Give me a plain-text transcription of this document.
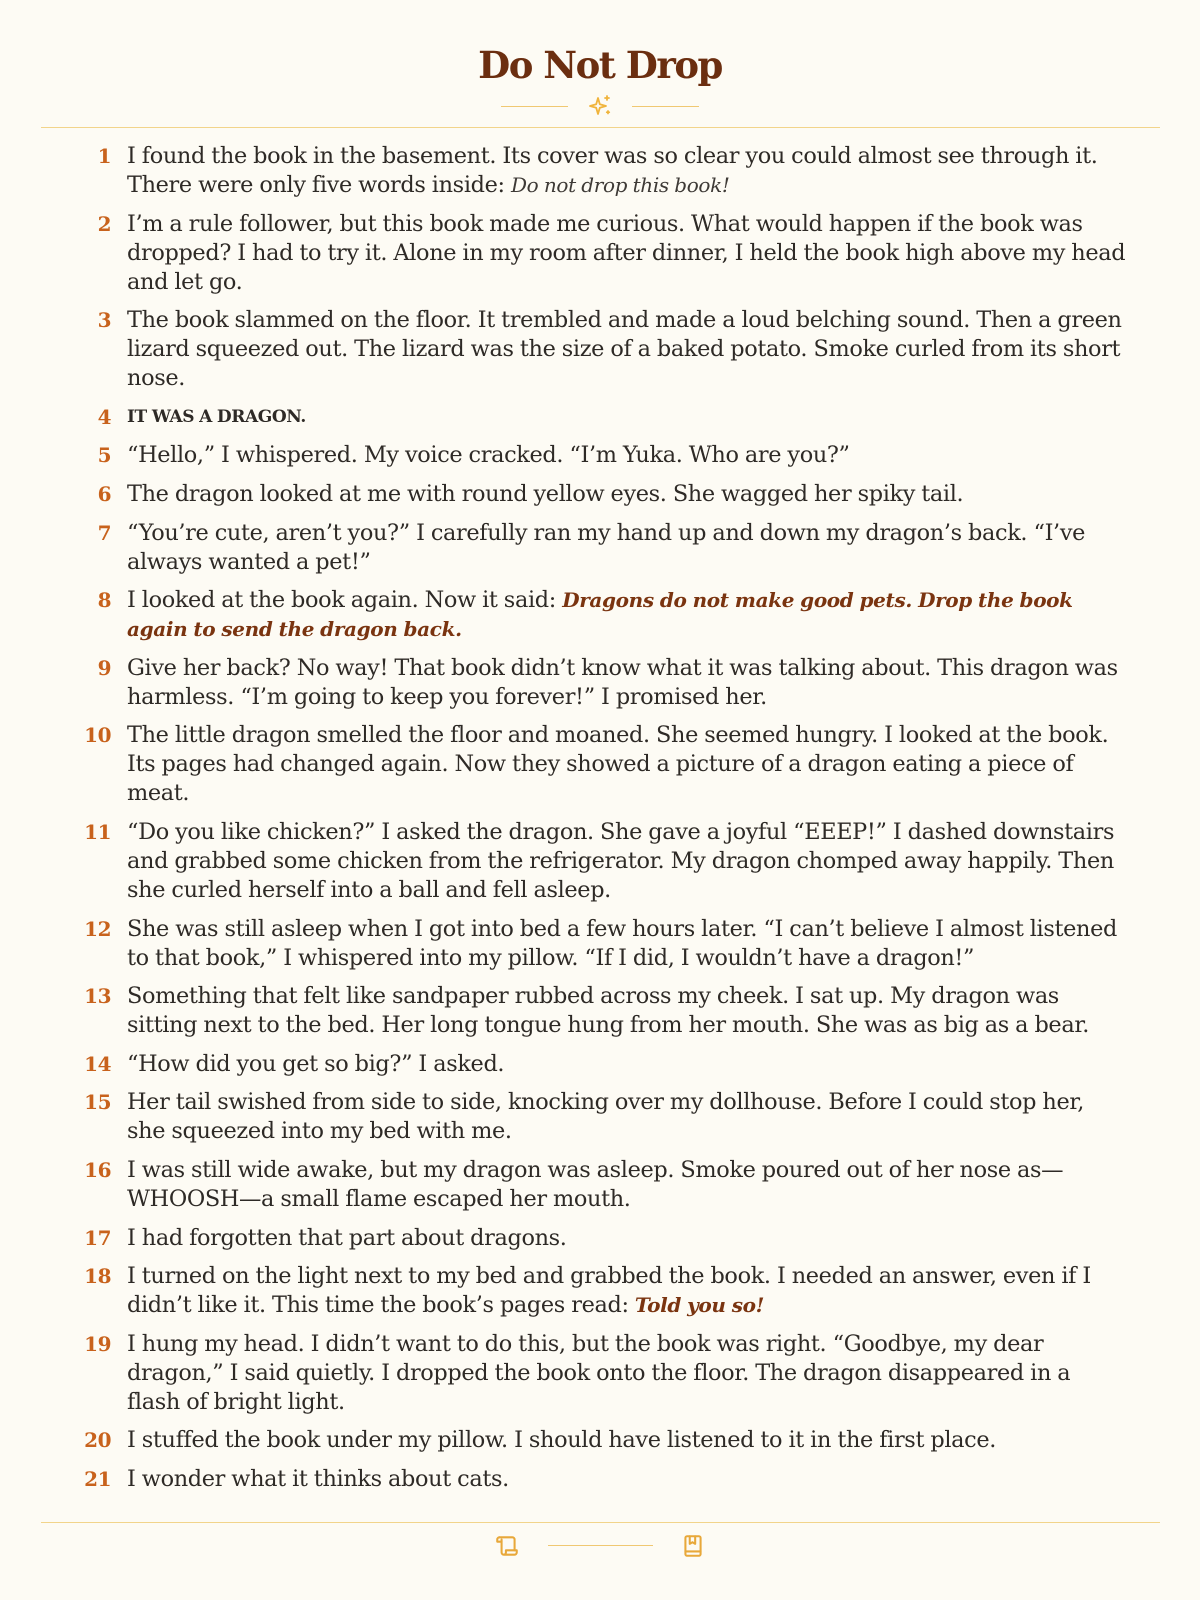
Do Not Drop
1 I found the book in the basement. Its cover was so clear you could almost see through it. There were only five words inside: Do not drop this book!
2 I’m a rule follower, but this book made me curious. What would happen if the book was dropped? I had to try it. Alone in my room after dinner, I held the book high above my head and let go.
3 The book slammed on the floor. It trembled and made a loud belching sound. Then a green lizard squeezed out. The lizard was the size of a baked potato. Smoke curled from its short nose.
4 IT WAS A DRAGON.
5 “Hello,” I whispered. My voice cracked. “I’m Yuka. Who are you?”
6 The dragon looked at me with round yellow eyes. She wagged her spiky tail.
7 “You’re cute, aren’t you?” I carefully ran my hand up and down my dragon’s back. “I’ve always wanted a pet!”
8 I looked at the book again. Now it said: Dragons do not make good pets. Drop the book again to send the dragon back.
9 Give her back? No way! That book didn’t know what it was talking about. This dragon was harmless. “I’m going to keep you forever!” I promised her.
10 The little dragon smelled the floor and moaned. She seemed hungry. I looked at the book. Its pages had changed again. Now they showed a picture of a dragon eating a piece of meat.
11 “Do you like chicken?” I asked the dragon. She gave a joyful “EEEP!” I dashed downstairs and grabbed some chicken from the refrigerator. My dragon chomped away happily. Then she curled herself into a ball and fell asleep.
12 She was still asleep when I got into bed a few hours later. “I can’t believe I almost listened to that book,” I whispered into my pillow. “If I did, I wouldn’t have a dragon!”
13 Something that felt like sandpaper rubbed across my cheek. I sat up. My dragon was sitting next to the bed. Her long tongue hung from her mouth. She was as big as a bear.
14 “How did you get so big?” I asked.
15 Her tail swished from side to side, knocking over my dollhouse. Before I could stop her, she squeezed into my bed with me.
16 I was still wide awake, but my dragon was asleep. Smoke poured out of her nose as— WHOOSH—a small flame escaped her mouth.
17 I had forgotten that part about dragons.
18 I turned on the light next to my bed and grabbed the book. I needed an answer, even if I didn’t like it. This time the book’s pages read: Told you so!
19 I hung my head. I didn’t want to do this, but the book was right. “Goodbye, my dear dragon,” I said quietly. I dropped the book onto the floor. The dragon disappeared in a flash of bright light.
20 I stuffed the book under my pillow. I should have listened to it in the first place.
21 I wonder what it thinks about cats.
